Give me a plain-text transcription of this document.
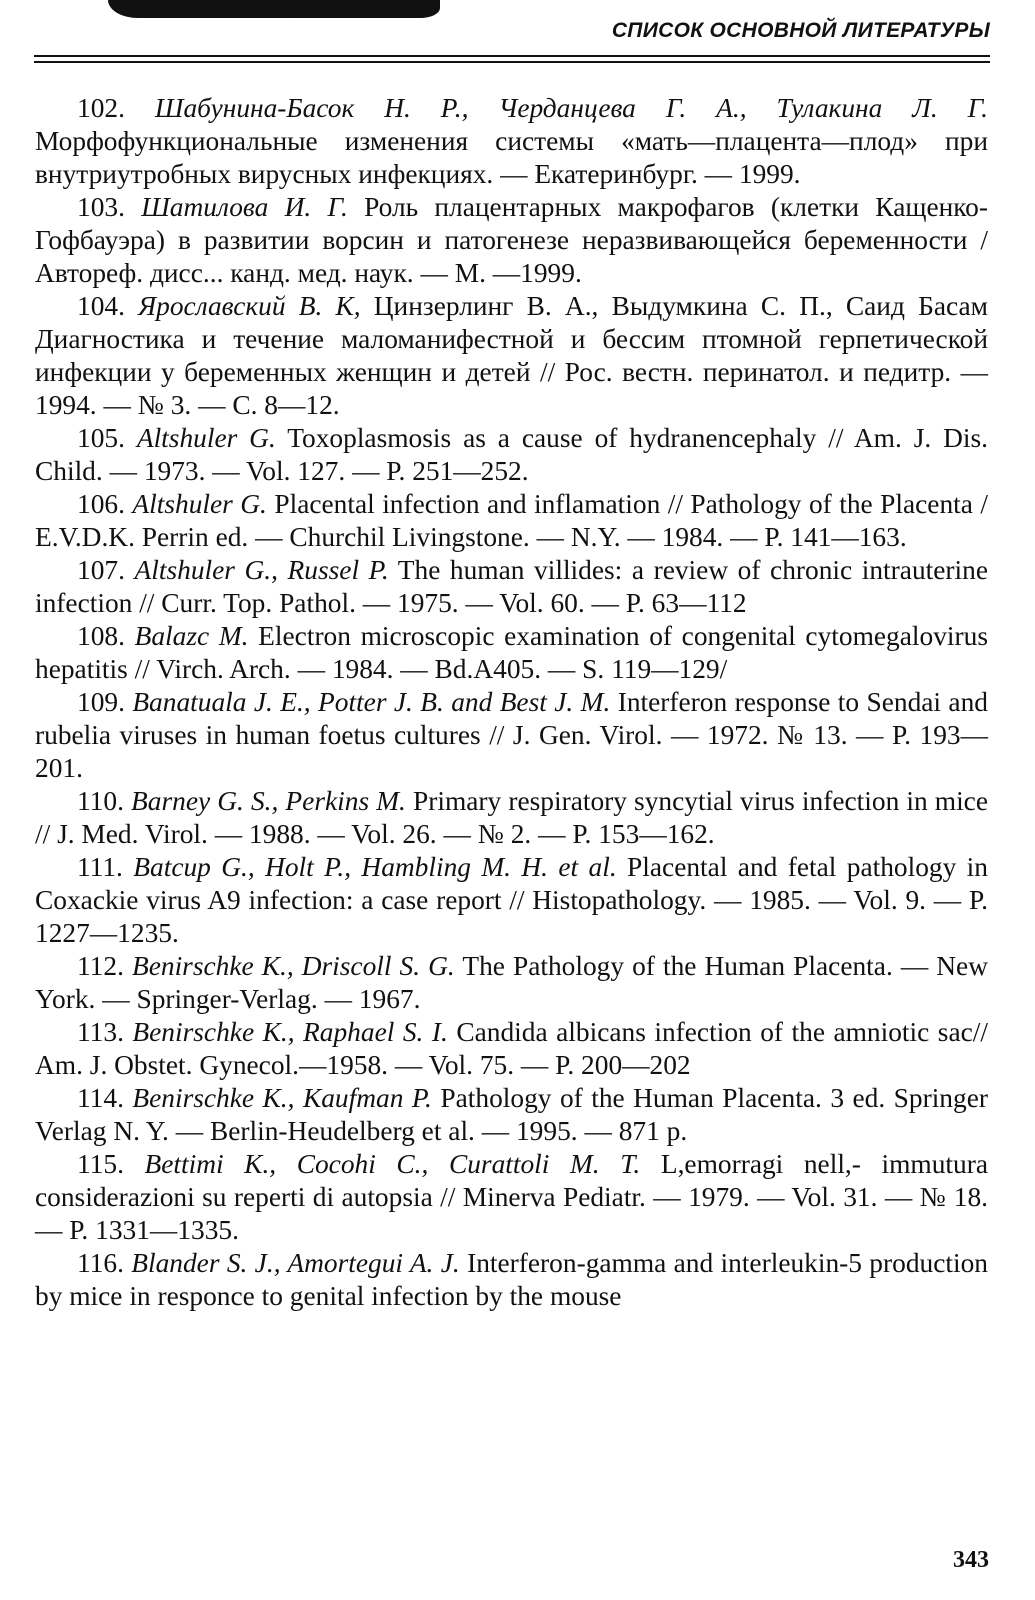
СПИСОК ОСНОВНОЙ ЛИТЕРАТУРЫ

102. Шабунина-Басок Н. Р., Черданцева Г. А., Тулакина Л. Г. Морфофункциональные изменения системы «мать—плацента—плод» при внутриутробных вирусных инфекциях. — Екатеринбург. — 1999.

103. Шатилова И. Г. Роль плацентарных макрофагов (клетки Кащенко-Гофбауэра) в развитии ворсин и патогенезе неразвивающейся беременности / Автореф. дисс... канд. мед. наук. — М. —1999.

104. Ярославский В. К, Цинзерлинг В. А., Выдумкина С. П., Саид Басам Диагностика и течение маломанифестной и бессим птомной герпетической инфекции у беременных женщин и детей // Рос. вестн. перинатол. и педитр. — 1994. — № 3. — С. 8—12.

105. Altshuler G. Toxoplasmosis as a cause of hydranencephaly // Am. J. Dis. Child. — 1973. — Vol. 127. — P. 251—252.

106. Altshuler G. Placental infection and inflamation // Pathology of the Placenta / E.V.D.K. Perrin ed. — Churchil Livingstone. — N.Y. — 1984. — P. 141—163.

107. Altshuler G., Russel P. The human villides: a review of chronic intrauterine infection // Curr. Top. Pathol. — 1975. — Vol. 60. — P. 63—112

108. Balazc M. Electron microscopic examination of congenital cytomegalovirus hepatitis // Virch. Arch. — 1984. — Bd.A405. — S. 119—129/

109. Banatuala J. E., Potter J. B. and Best J. M. Interferon response to Sendai and rubelia viruses in human foetus cultures // J. Gen. Virol. — 1972. № 13. — P. 193—201.

110. Barney G. S., Perkins M. Primary respiratory syncytial virus infection in mice // J. Med. Virol. — 1988. — Vol. 26. — № 2. — P. 153—162.

111. Batcup G., Holt P., Hambling M. H. et al. Placental and fetal pathology in Coxackie virus A9 infection: a case report // Histopathology. — 1985. — Vol. 9. — P. 1227—1235.

112. Benirschke K., Driscoll S. G. The Pathology of the Human Placenta. — New York. — Springer-Verlag. — 1967.

113. Benirschke K., Raphael S. I. Candida albicans infection of the amniotic sac// Am. J. Obstet. Gynecol.—1958. — Vol. 75. — P. 200—202

114. Benirschke K., Kaufman P. Pathology of the Human Placenta. 3 ed. Springer Verlag N. Y. — Berlin-Heudelberg et al. — 1995. — 871 p.

115. Bettimi K., Cocohi C., Curattoli M. T. L,emorragi nell,- immutura considerazioni su reperti di autopsia // Minerva Pediatr. — 1979. — Vol. 31. — № 18. — P. 1331—1335.

116. Blander S. J., Amortegui A. J. Interferon-gamma and interleukin-5 production by mice in responce to genital infection by the mouse

343
